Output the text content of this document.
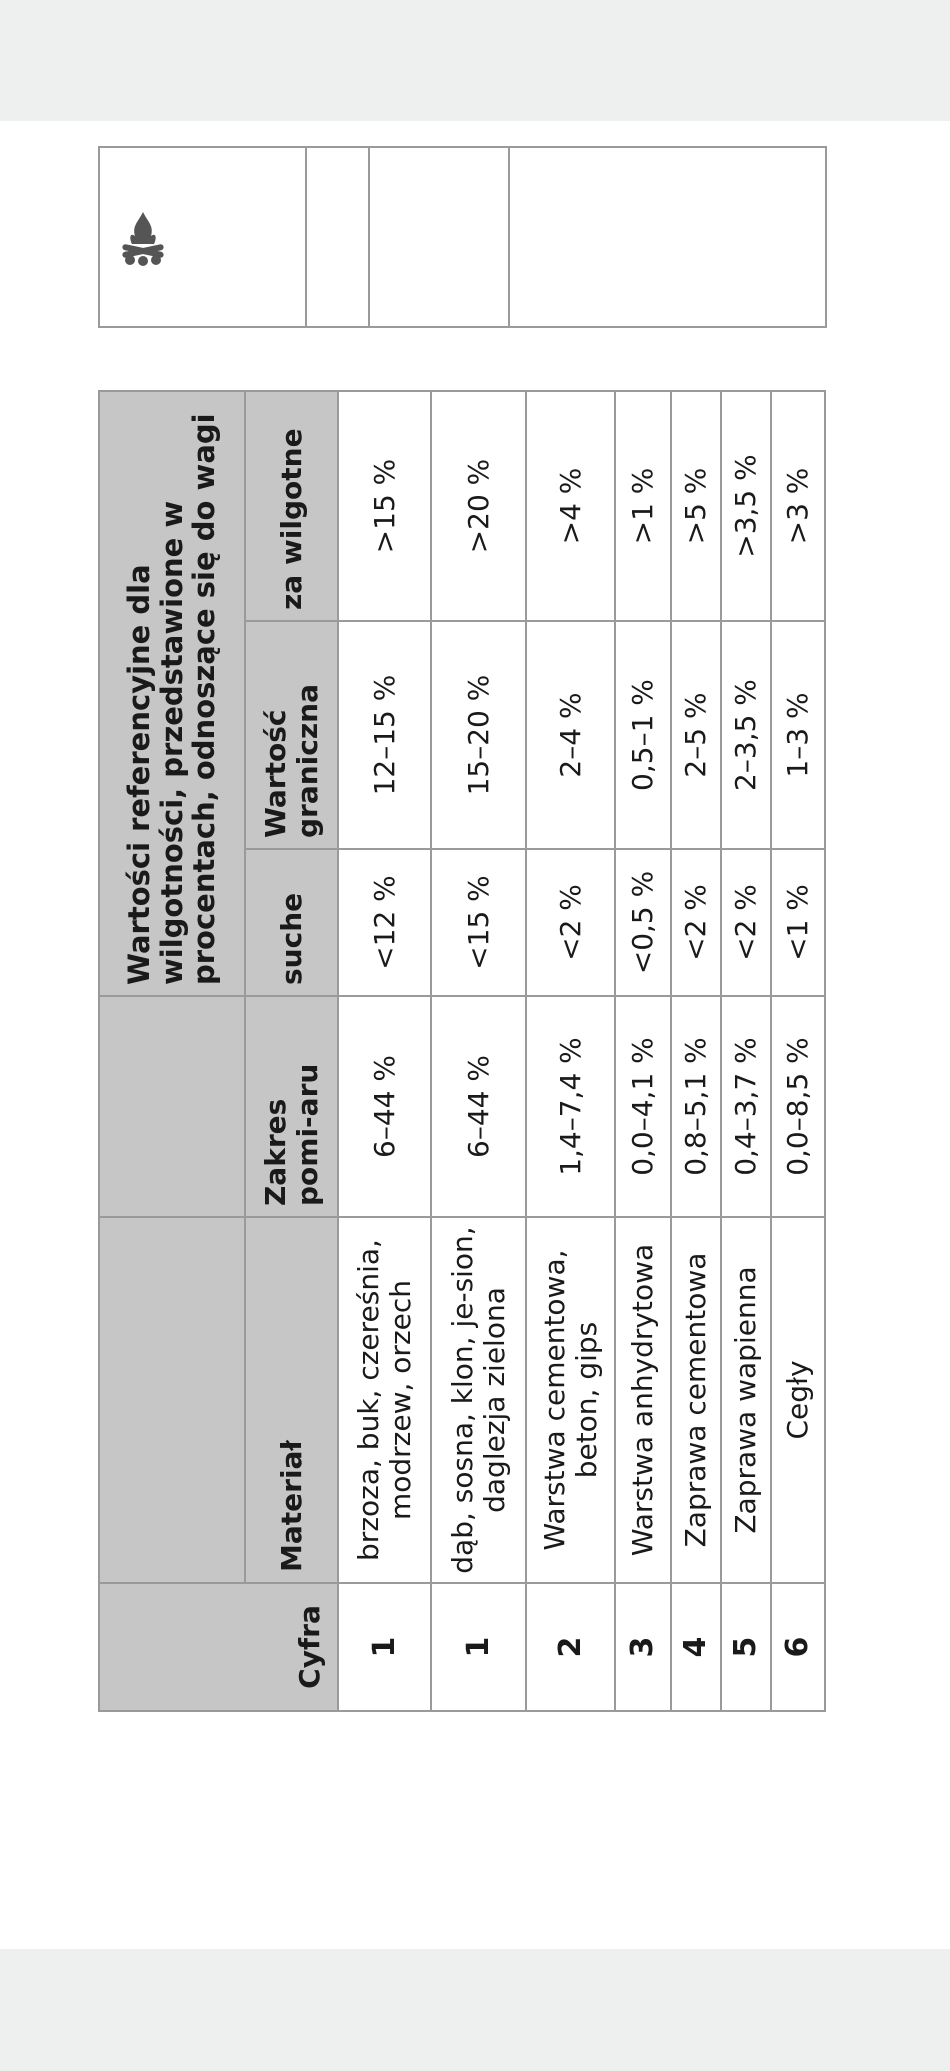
Cyfra			Wartości referencyjne dla wilgotności, przedstawione w procentach, odnoszące się do wagi		
	Materiał	Zakres pomi-aru	suche	Wartość graniczna	za wilgotne
1	brzoza, buk, czereśnia, modrzew, orzech	6–44 %	<12 %	12–15 %	>15 %
1	dąb, sosna, klon, je-sion, daglezja zielona	6–44 %	<15 %	15–20 %	>20 %
2	Warstwa cementowa, beton, gips	1,4–7,4 %	<2 %	2–4 %	>4 %
3	Warstwa anhydrytowa	0,0–4,1 %	<0,5 %	0,5–1 %	>1 %
4	Zaprawa cementowa	0,8–5,1 %	<2 %	2–5 %	>5 %
5	Zaprawa wapienna	0,4–3,7 %	<2 %	2–3,5 %	>3,5 %
6	Cegły	0,0–8,5 %	<1 %	1–3 %	>3 %
